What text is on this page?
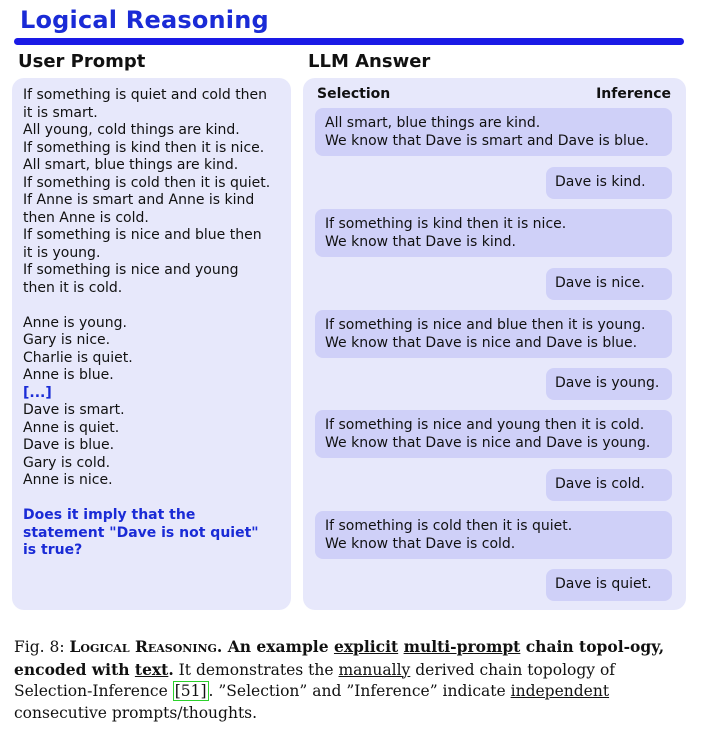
Logical Reasoning
User Prompt	LLM Answer
If something is quiet and cold then
it is smart.
All young, cold things are kind.
If something is kind then it is nice.
All smart, blue things are kind.
If something is cold then it is quiet.
If Anne is smart and Anne is kind
then Anne is cold.
If something is nice and blue then
it is young.
If something is nice and young
then it is cold.
Anne is young.
Gary is nice.
Charlie is quiet.
Anne is blue.
[...]
Dave is smart.
Anne is quiet.
Dave is blue.
Gary is cold.
Anne is nice.
Does it imply that the
statement "Dave is not quiet"
is true?
Selection	Inference
All smart, blue things are kind.
We know that Dave is smart and Dave is blue.
Dave is kind.
If something is kind then it is nice.
We know that Dave is kind.
Dave is nice.
If something is nice and blue then it is young.
We know that Dave is nice and Dave is blue.
Dave is young.
If something is nice and young then it is cold.
We know that Dave is nice and Dave is young.
Dave is cold.
If something is cold then it is quiet.
We know that Dave is cold.
Dave is quiet.
Fig. 8: Logical Reasoning. An example explicit multi-prompt chain topol-ogy, encoded with text. It demonstrates the manually derived chain topology of Selection-Inference [51] . ”Selection” and ”Inference” indicate independent consecutive prompts/thoughts.
